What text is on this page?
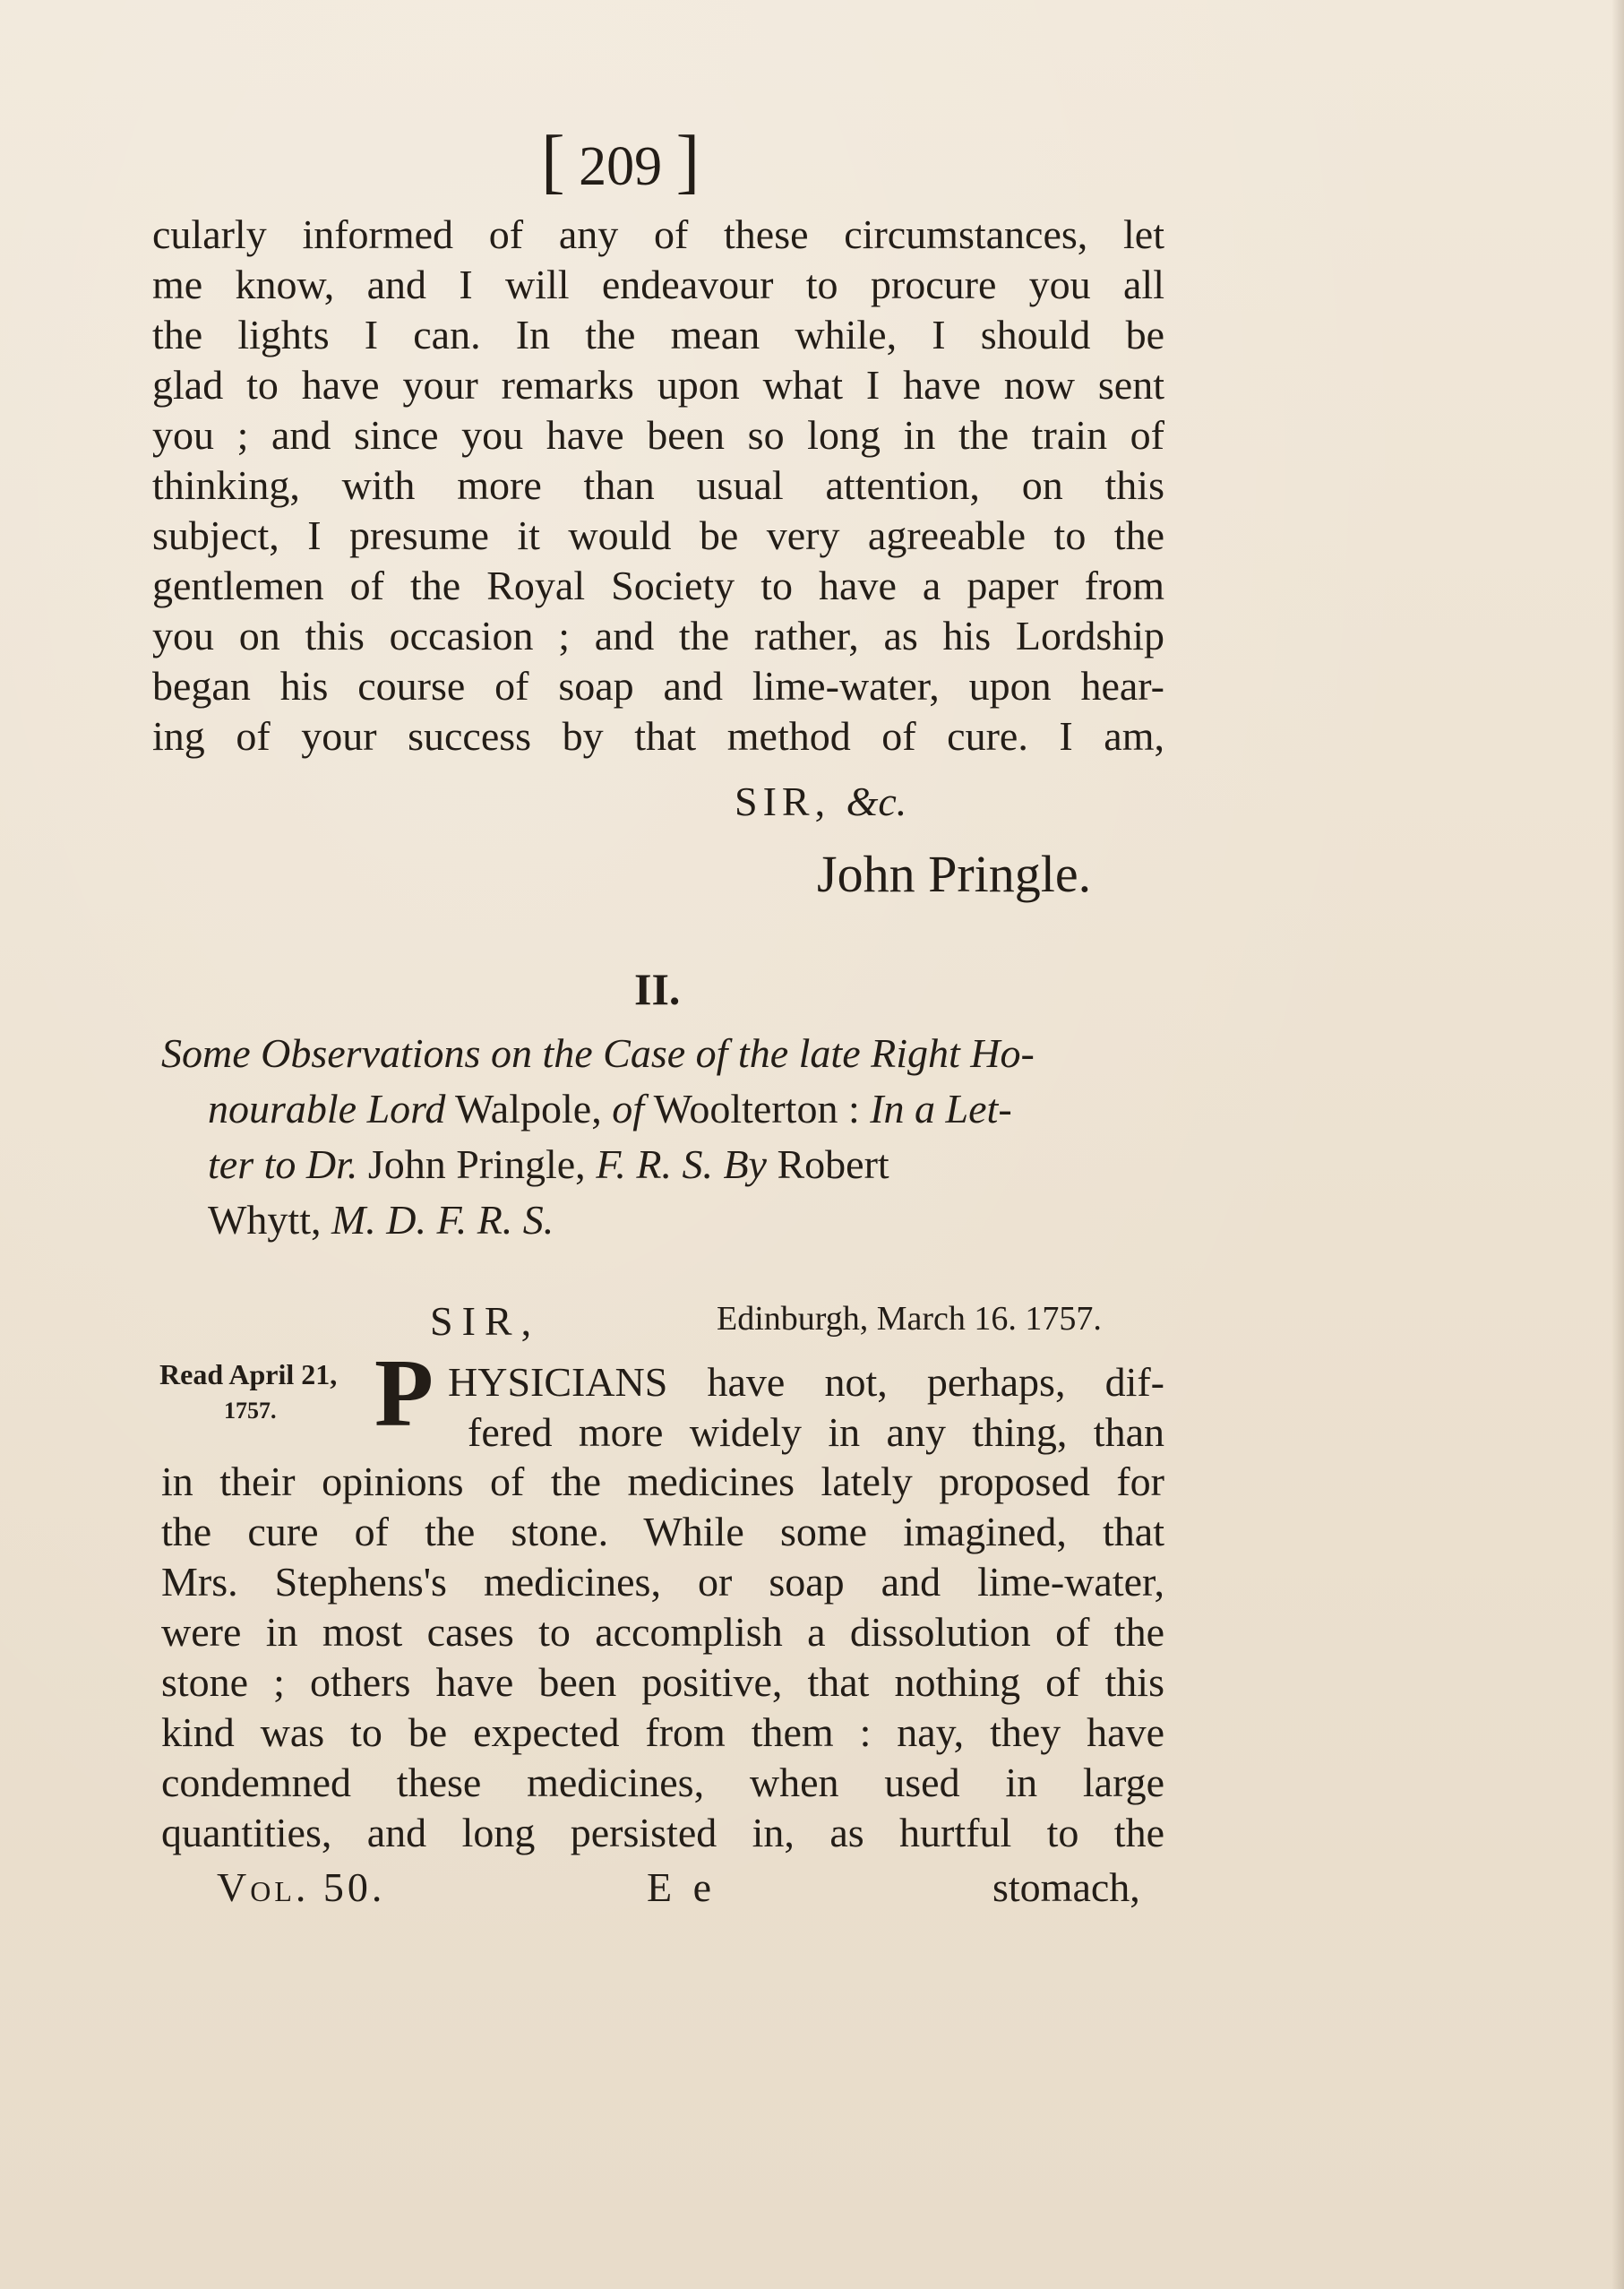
[ 209 ]
cularly informed of any of these circumstances, let
me know, and I will endeavour to procure you all
the lights I can. In the mean while, I should be
glad to have your remarks upon what I have now sent
you ; and since you have been so long in the train of
thinking, with more than usual attention, on this
subject, I presume it would be very agreeable to the
gentlemen of the Royal Society to have a paper from
you on this occasion ; and the rather, as his Lordship
began his course of soap and lime-water, upon hear-
ing of your success by that method of cure. I am,
SIR, &c.
John Pringle.
II.
Some Observations on the Case of the late Right Ho-
nourable Lord Walpole, of Woolterton : In a Let-
ter to Dr. John Pringle, F. R. S. By Robert
Whytt, M. D. F. R. S.
SIR,	Edinburgh, March 16. 1757.
Read April 21,
1757. P HYSICIANS have not, perhaps, dif-
fered more widely in any thing, than
in their opinions of the medicines lately proposed for
the cure of the stone. While some imagined, that
Mrs. Stephens's medicines, or soap and lime-water,
were in most cases to accomplish a dissolution of the
stone ; others have been positive, that nothing of this
kind was to be expected from them : nay, they have
condemned these medicines, when used in large
quantities, and long persisted in, as hurtful to the
Vol. 50.	E e	stomach,
